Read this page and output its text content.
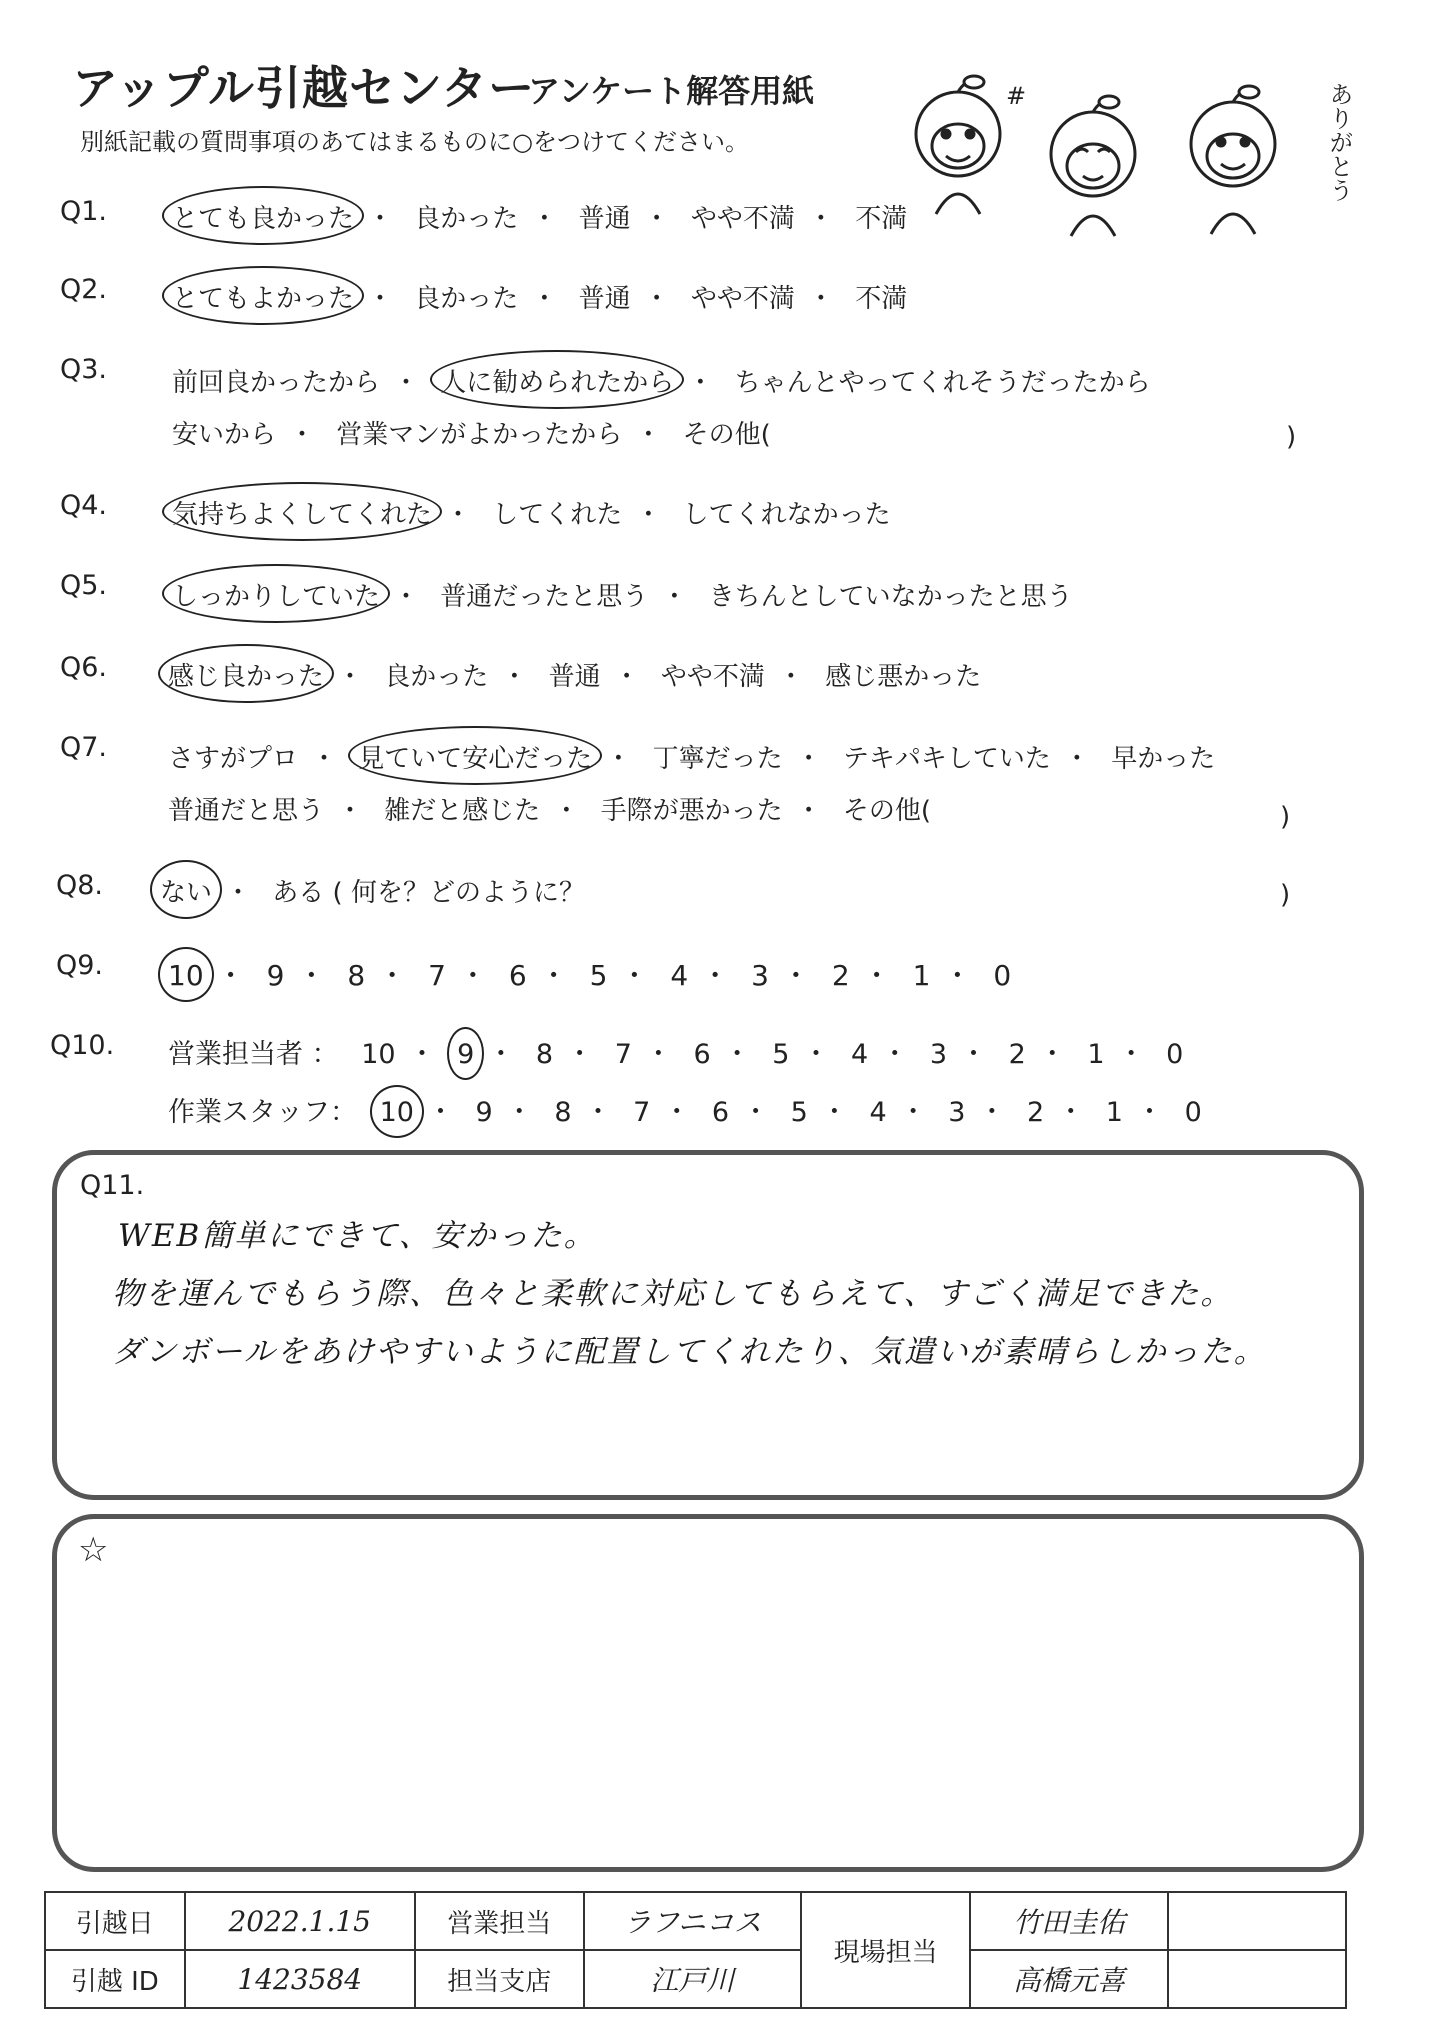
アップル引越センター
アンケート解答用紙
別紙記載の質問事項のあてはまるものに○をつけてください。
#	ありがとう
Q1. とても良かった ・ 良かった ・ 普通 ・ やや不満 ・ 不満
Q2. とてもよかった ・ 良かった ・ 普通 ・ やや不満 ・ 不満
Q3. 前回良かったから ・ 人に勧められたから ・ ちゃんとやってくれそうだったから
安いから ・ 営業マンがよかったから ・ その他(	)
Q4. 気持ちよくしてくれた ・ してくれた ・ してくれなかった
Q5. しっかりしていた ・ 普通だったと思う ・ きちんとしていなかったと思う
Q6. 感じ良かった ・ 良かった ・ 普通 ・ やや不満 ・ 感じ悪かった
Q7. さすがプロ ・ 見ていて安心だった ・ 丁寧だった ・ テキパキしていた ・ 早かった
普通だと思う ・ 雑だと感じた ・ 手際が悪かった ・ その他(	)
Q8. ない ・ ある ( 何を？どのように？	)
Q9. 10 ・ 9 ・ 8 ・ 7 ・ 6 ・ 5 ・ 4 ・ 3 ・ 2 ・ 1 ・ 0
Q10. 営業担当者 ： 10 ・ 9 ・ 8 ・ 7 ・ 6 ・ 5 ・ 4 ・ 3 ・ 2 ・ 1 ・ 0
作業スタッフ： 10 ・ 9 ・ 8 ・ 7 ・ 6 ・ 5 ・ 4 ・ 3 ・ 2 ・ 1 ・ 0
Q11.
WEB簡単にできて、安かった。
物を運んでもらう際、色々と柔軟に対応してもらえて、すごく満足できた。
ダンボールをあけやすいように配置してくれたり、気遣いが素晴らしかった。
☆
引越日	2022.1.15	営業担当	ラフニコス	現場担当	竹田圭佑	
引越 ID	1423584	担当支店	江戸川		高橋元喜	
